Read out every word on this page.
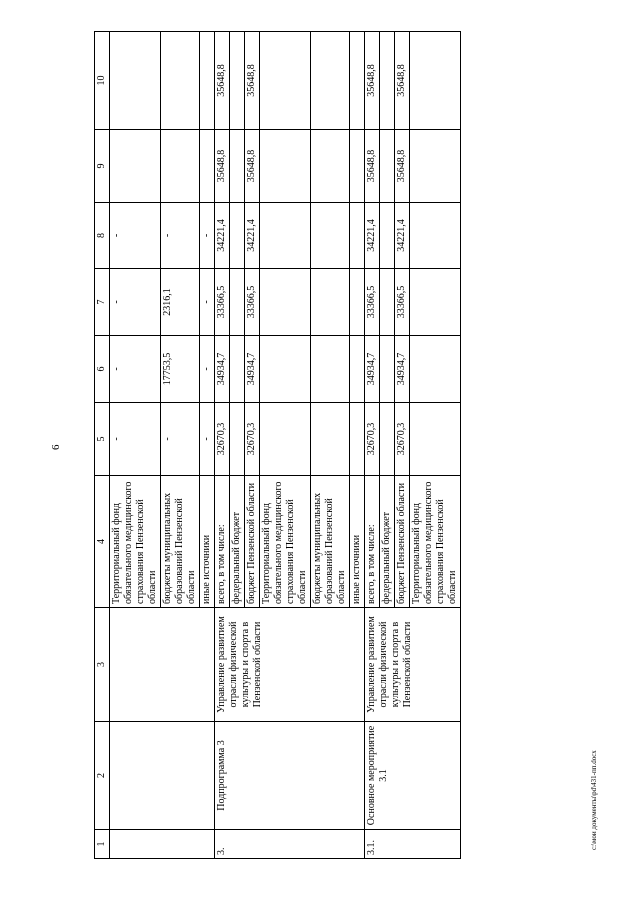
6
1	2	3	4	5	6	7	8	9	10
			Территориальный фонд обязательного медицинского страхования Пензенской области	-	-	-	-		
			бюджеты муниципальных образований Пензенской области	-	17753,5	2316,1	-		
			иные источники	-	-	-	-		
3.	Подпрограмма 3	Управление развитием отрасли физической культуры и спорта в Пензенской области	всего, в том числе:	32670,3	34934,7	33366,5	34221,4	35648,8	35648,8
			федеральный бюджет						
			бюджет Пензенской области	32670,3	34934,7	33366,5	34221,4	35648,8	35648,8
			Территориальный фонд обязательного медицинского страхования Пензенской области						
			бюджеты муниципальных образований Пензенской области						
			иные источники						
3.1.	Основное мероприятие 3.1	Управление развитием отрасли физической культуры и спорта в Пензенской области	всего, в том числе:	32670,3	34934,7	33366,5	34221,4	35648,8	35648,8
			федеральный бюджет						
			бюджет Пензенской области	32670,3	34934,7	33366,5	34221,4	35648,8	35648,8
			Территориальный фонд обязательного медицинского страхования Пензенской области						
c:\мои документы\pd\431-пп.docx
